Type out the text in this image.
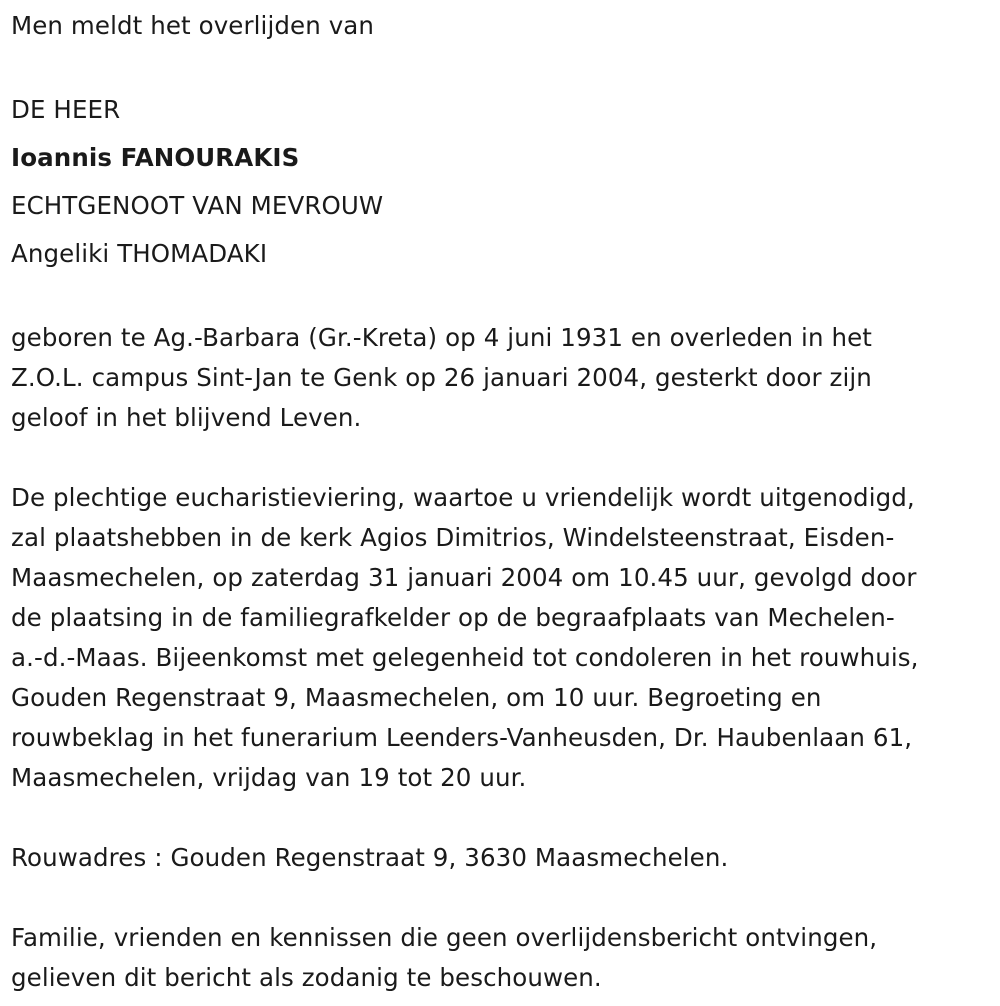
Men meldt het overlijden van
DE HEER
Ioannis FANOURAKIS
ECHTGENOOT VAN MEVROUW
Angeliki THOMADAKI
geboren te Ag.-Barbara (Gr.-Kreta) op 4 juni 1931 en overleden in het
Z.O.L. campus Sint-Jan te Genk op 26 januari 2004, gesterkt door zijn
geloof in het blijvend Leven.
De plechtige eucharistieviering, waartoe u vriendelijk wordt uitgenodigd,
zal plaatshebben in de kerk Agios Dimitrios, Windelsteenstraat, Eisden-
Maasmechelen, op zaterdag 31 januari 2004 om 10.45 uur, gevolgd door
de plaatsing in de familiegrafkelder op de begraafplaats van Mechelen-
a.-d.-Maas. Bijeenkomst met gelegenheid tot condoleren in het rouwhuis,
Gouden Regenstraat 9, Maasmechelen, om 10 uur. Begroeting en
rouwbeklag in het funerarium Leenders-Vanheusden, Dr. Haubenlaan 61,
Maasmechelen, vrijdag van 19 tot 20 uur.
Rouwadres : Gouden Regenstraat 9, 3630 Maasmechelen.
Familie, vrienden en kennissen die geen overlijdensbericht ontvingen,
gelieven dit bericht als zodanig te beschouwen.
